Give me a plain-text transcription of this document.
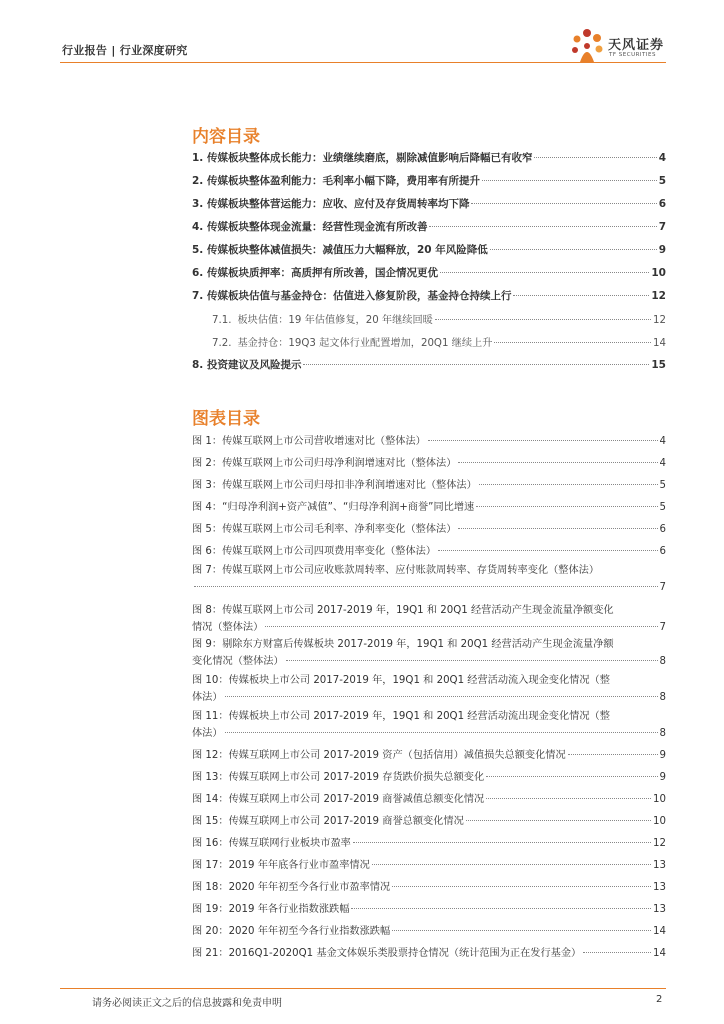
行业报告 | 行业深度研究	天风证券
TF SECURITIES
内容目录
1. 传媒板块整体成长能力：业绩继续磨底，剔除减值影响后降幅已有收窄	4
2. 传媒板块整体盈利能力：毛利率小幅下降，费用率有所提升	5
3. 传媒板块整体营运能力：应收、应付及存货周转率均下降	6
4. 传媒板块整体现金流量：经营性现金流有所改善	7
5. 传媒板块整体减值损失：减值压力大幅释放，20 年风险降低	9
6. 传媒板块质押率：高质押有所改善，国企情况更优	10
7. 传媒板块估值与基金持仓：估值进入修复阶段，基金持仓持续上行	12
7.1. 板块估值：19 年估值修复，20 年继续回暖	12
7.2. 基金持仓：19Q3 起文体行业配置增加，20Q1 继续上升	14
8. 投资建议及风险提示	15
图表目录
图 1：传媒互联网上市公司营收增速对比（整体法）	4
图 2：传媒互联网上市公司归母净利润增速对比（整体法）	4
图 3：传媒互联网上市公司归母扣非净利润增速对比（整体法）	5
图 4：“归母净利润+资产减值”、“归母净利润+商誉”同比增速	5
图 5：传媒互联网上市公司毛利率、净利率变化（整体法）	6
图 6：传媒互联网上市公司四项费用率变化（整体法）	6
图 7：传媒互联网上市公司应收账款周转率、应付账款周转率、存货周转率变化（整体法）
7
图 8：传媒互联网上市公司 2017-2019 年，19Q1 和 20Q1 经营活动产生现金流量净额变化
情况（整体法）	7
图 9：剔除东方财富后传媒板块 2017-2019 年，19Q1 和 20Q1 经营活动产生现金流量净额
变化情况（整体法）	8
图 10：传媒板块上市公司 2017-2019 年，19Q1 和 20Q1 经营活动流入现金变化情况（整
体法）	8
图 11：传媒板块上市公司 2017-2019 年，19Q1 和 20Q1 经营活动流出现金变化情况（整
体法）	8
图 12：传媒互联网上市公司 2017-2019 资产（包括信用）减值损失总额变化情况	9
图 13：传媒互联网上市公司 2017-2019 存货跌价损失总额变化	9
图 14：传媒互联网上市公司 2017-2019 商誉减值总额变化情况	10
图 15：传媒互联网上市公司 2017-2019 商誉总额变化情况	10
图 16：传媒互联网行业板块市盈率	12
图 17：2019 年年底各行业市盈率情况	13
图 18：2020 年年初至今各行业市盈率情况	13
图 19：2019 年各行业指数涨跌幅	13
图 20：2020 年年初至今各行业指数涨跌幅	14
图 21：2016Q1-2020Q1 基金文体娱乐类股票持仓情况（统计范围为正在发行基金）	14
请务必阅读正文之后的信息披露和免责申明	2
